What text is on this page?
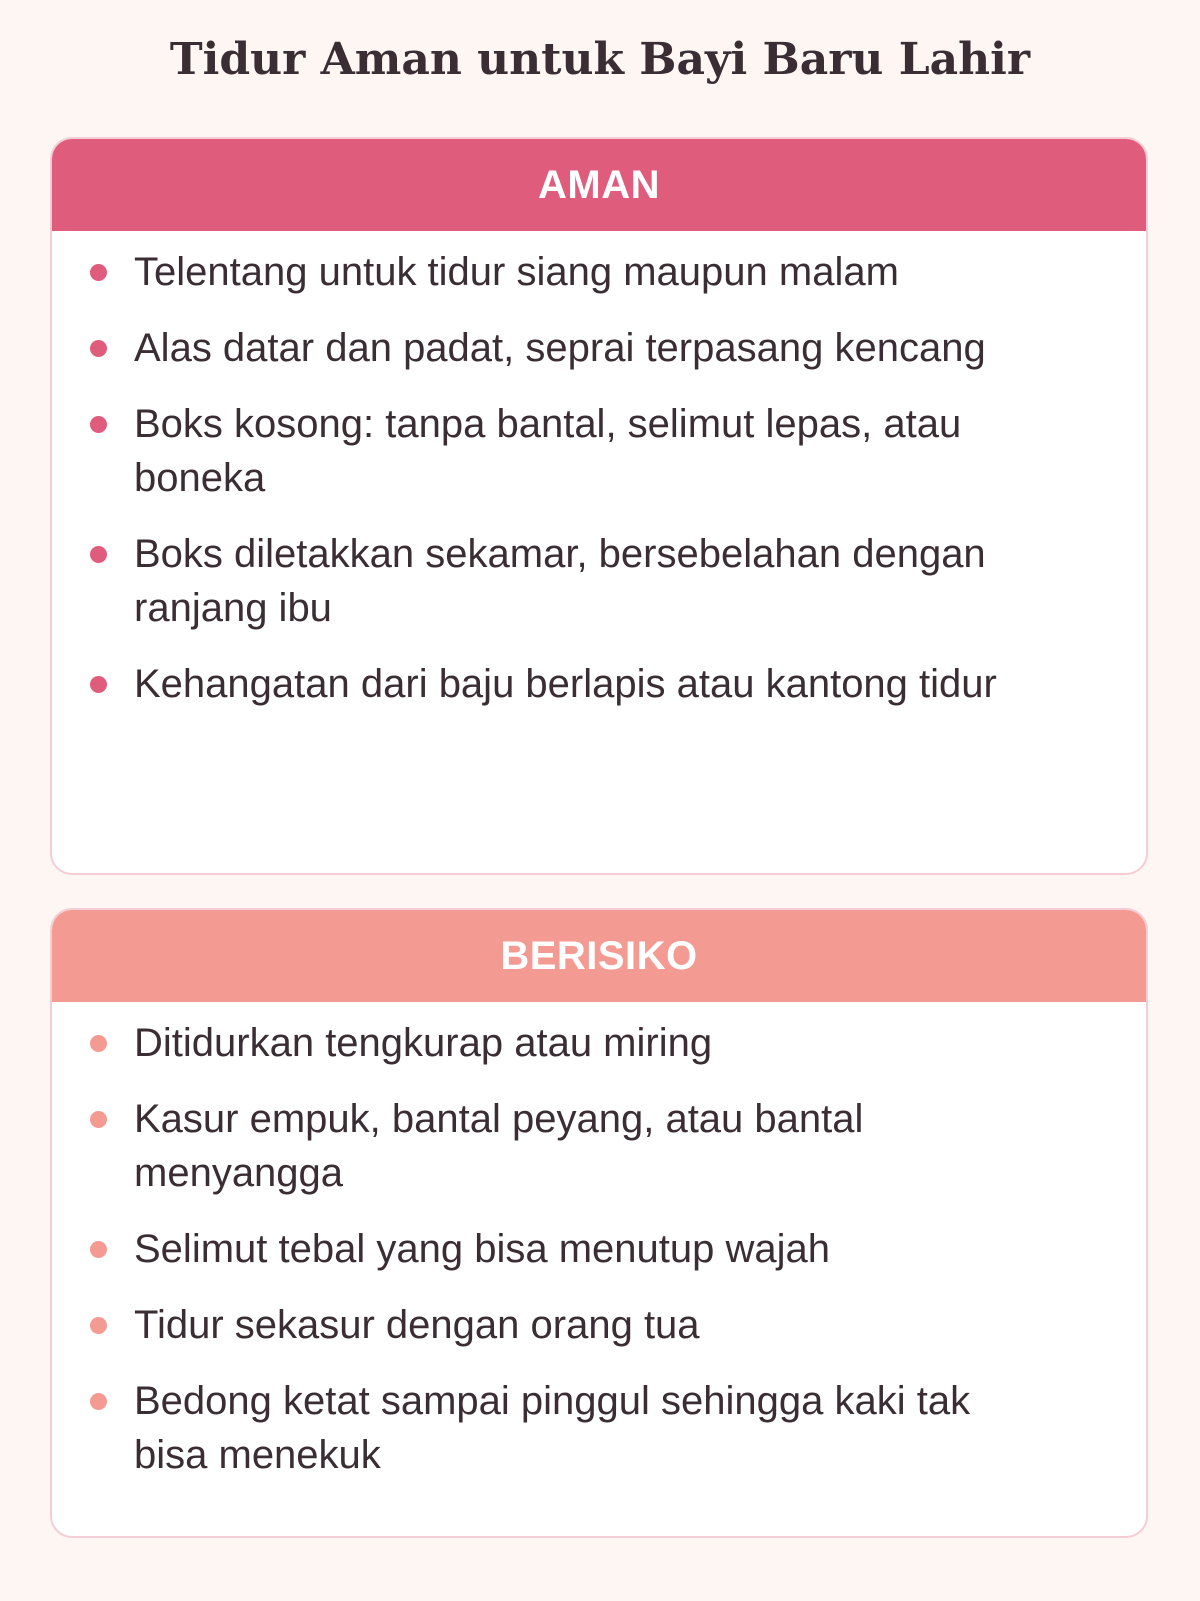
Tidur Aman untuk Bayi Baru Lahir
AMAN
Telentang untuk tidur siang maupun malam
Alas datar dan padat, seprai terpasang kencang
Boks kosong: tanpa bantal, selimut lepas, atau boneka
Boks diletakkan sekamar, bersebelahan dengan ranjang ibu
Kehangatan dari baju berlapis atau kantong tidur
BERISIKO
Ditidurkan tengkurap atau miring
Kasur empuk, bantal peyang, atau bantal menyangga
Selimut tebal yang bisa menutup wajah
Tidur sekasur dengan orang tua
Bedong ketat sampai pinggul sehingga kaki tak bisa menekuk
